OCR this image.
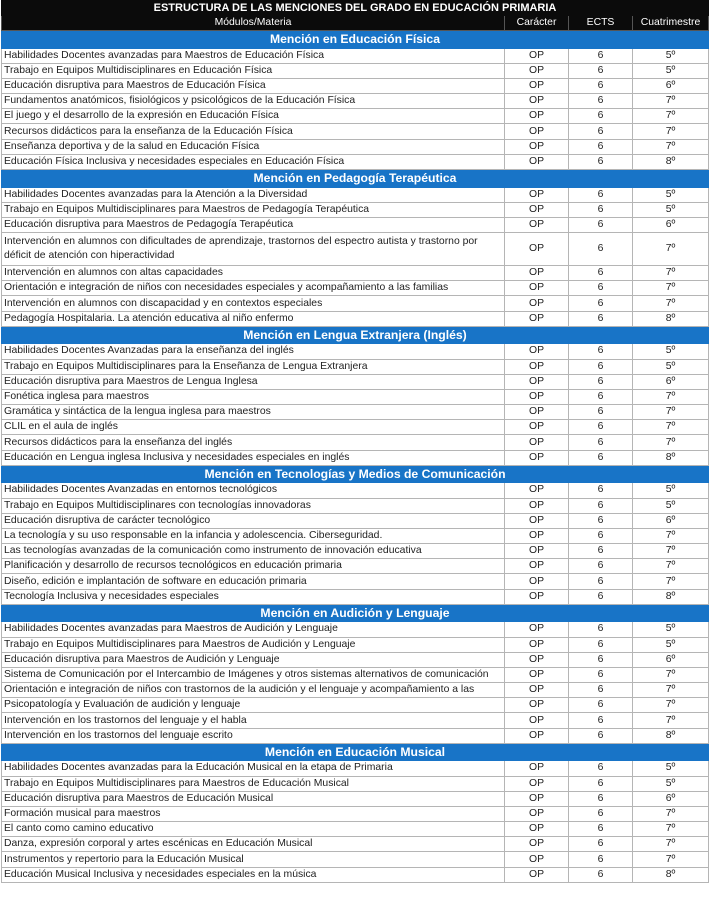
ESTRUCTURA DE LAS MENCIONES DEL GRADO EN EDUCACIÓN PRIMARIA			
Módulos/Materia	Carácter	ECTS	Cuatrimestre
Mención en Educación Física			
Habilidades Docentes avanzadas para Maestros de Educación Física	OP	6	5º
Trabajo en Equipos Multidisciplinares en Educación Física	OP	6	5º
Educación disruptiva para Maestros de Educación Física	OP	6	6º
Fundamentos anatómicos, fisiológicos y psicológicos de la Educación Física	OP	6	7º
El juego y el desarrollo de la expresión en Educación Física	OP	6	7º
Recursos didácticos para la enseñanza de la Educación Física	OP	6	7º
Enseñanza deportiva y de la salud en Educación Física	OP	6	7º
Educación Física Inclusiva y necesidades especiales en Educación Física	OP	6	8º
Mención en Pedagogía Terapéutica			
Habilidades Docentes avanzadas para la Atención a la Diversidad	OP	6	5º
Trabajo en Equipos Multidisciplinares para Maestros de Pedagogía Terapéutica	OP	6	5º
Educación disruptiva para Maestros de Pedagogía Terapéutica	OP	6	6º
Intervención en alumnos con dificultades de aprendizaje, trastornos del espectro autista y trastorno por déficit de atención con hiperactividad	OP	6	7º
Intervención en alumnos con altas capacidades	OP	6	7º
Orientación e integración de niños con necesidades especiales y acompañamiento a las familias	OP	6	7º
Intervención en alumnos con discapacidad y en contextos especiales	OP	6	7º
Pedagogía Hospitalaria. La atención educativa al niño enfermo	OP	6	8º
Mención en Lengua Extranjera (Inglés)			
Habilidades Docentes Avanzadas para la enseñanza del inglés	OP	6	5º
Trabajo en Equipos Multidisciplinares para la Enseñanza de Lengua Extranjera	OP	6	5º
Educación disruptiva para Maestros de Lengua Inglesa	OP	6	6º
Fonética inglesa para maestros	OP	6	7º
Gramática y sintáctica de la lengua inglesa para maestros	OP	6	7º
CLIL en el aula de inglés	OP	6	7º
Recursos didácticos para la enseñanza del inglés	OP	6	7º
Educación en Lengua inglesa Inclusiva y necesidades especiales en inglés	OP	6	8º
Mención en Tecnologías y Medios de Comunicación			
Habilidades Docentes Avanzadas en entornos tecnológicos	OP	6	5º
Trabajo en Equipos Multidisciplinares con tecnologías innovadoras	OP	6	5º
Educación disruptiva de carácter tecnológico	OP	6	6º
La tecnología y su uso responsable en la infancia y adolescencia. Ciberseguridad.	OP	6	7º
Las tecnologías avanzadas de la comunicación como instrumento de innovación educativa	OP	6	7º
Planificación y desarrollo de recursos tecnológicos en educación primaria	OP	6	7º
Diseño, edición e implantación de software en educación primaria	OP	6	7º
Tecnología Inclusiva y necesidades especiales	OP	6	8º
Mención en Audición y Lenguaje			
Habilidades Docentes avanzadas para Maestros de Audición y Lenguaje	OP	6	5º
Trabajo en Equipos Multidisciplinares para Maestros de Audición y Lenguaje	OP	6	5º
Educación disruptiva para Maestros de Audición y Lenguaje	OP	6	6º
Sistema de Comunicación por el Intercambio de Imágenes y otros sistemas alternativos de comunicación	OP	6	7º
Orientación e integración de niños con trastornos de la audición y el lenguaje y acompañamiento a las	OP	6	7º
Psicopatología y Evaluación de audición y lenguaje	OP	6	7º
Intervención en los trastornos del lenguaje y el habla	OP	6	7º
Intervención en los trastornos del lenguaje escrito	OP	6	8º
Mención en Educación Musical			
Habilidades Docentes avanzadas para la Educación Musical en la etapa de Primaria	OP	6	5º
Trabajo en Equipos Multidisciplinares para Maestros de Educación Musical	OP	6	5º
Educación disruptiva para Maestros de Educación Musical	OP	6	6º
Formación musical para maestros	OP	6	7º
El canto como camino educativo	OP	6	7º
Danza, expresión corporal y artes escénicas en Educación Musical	OP	6	7º
Instrumentos y repertorio para la Educación Musical	OP	6	7º
Educación Musical Inclusiva y necesidades especiales en la música	OP	6	8º
